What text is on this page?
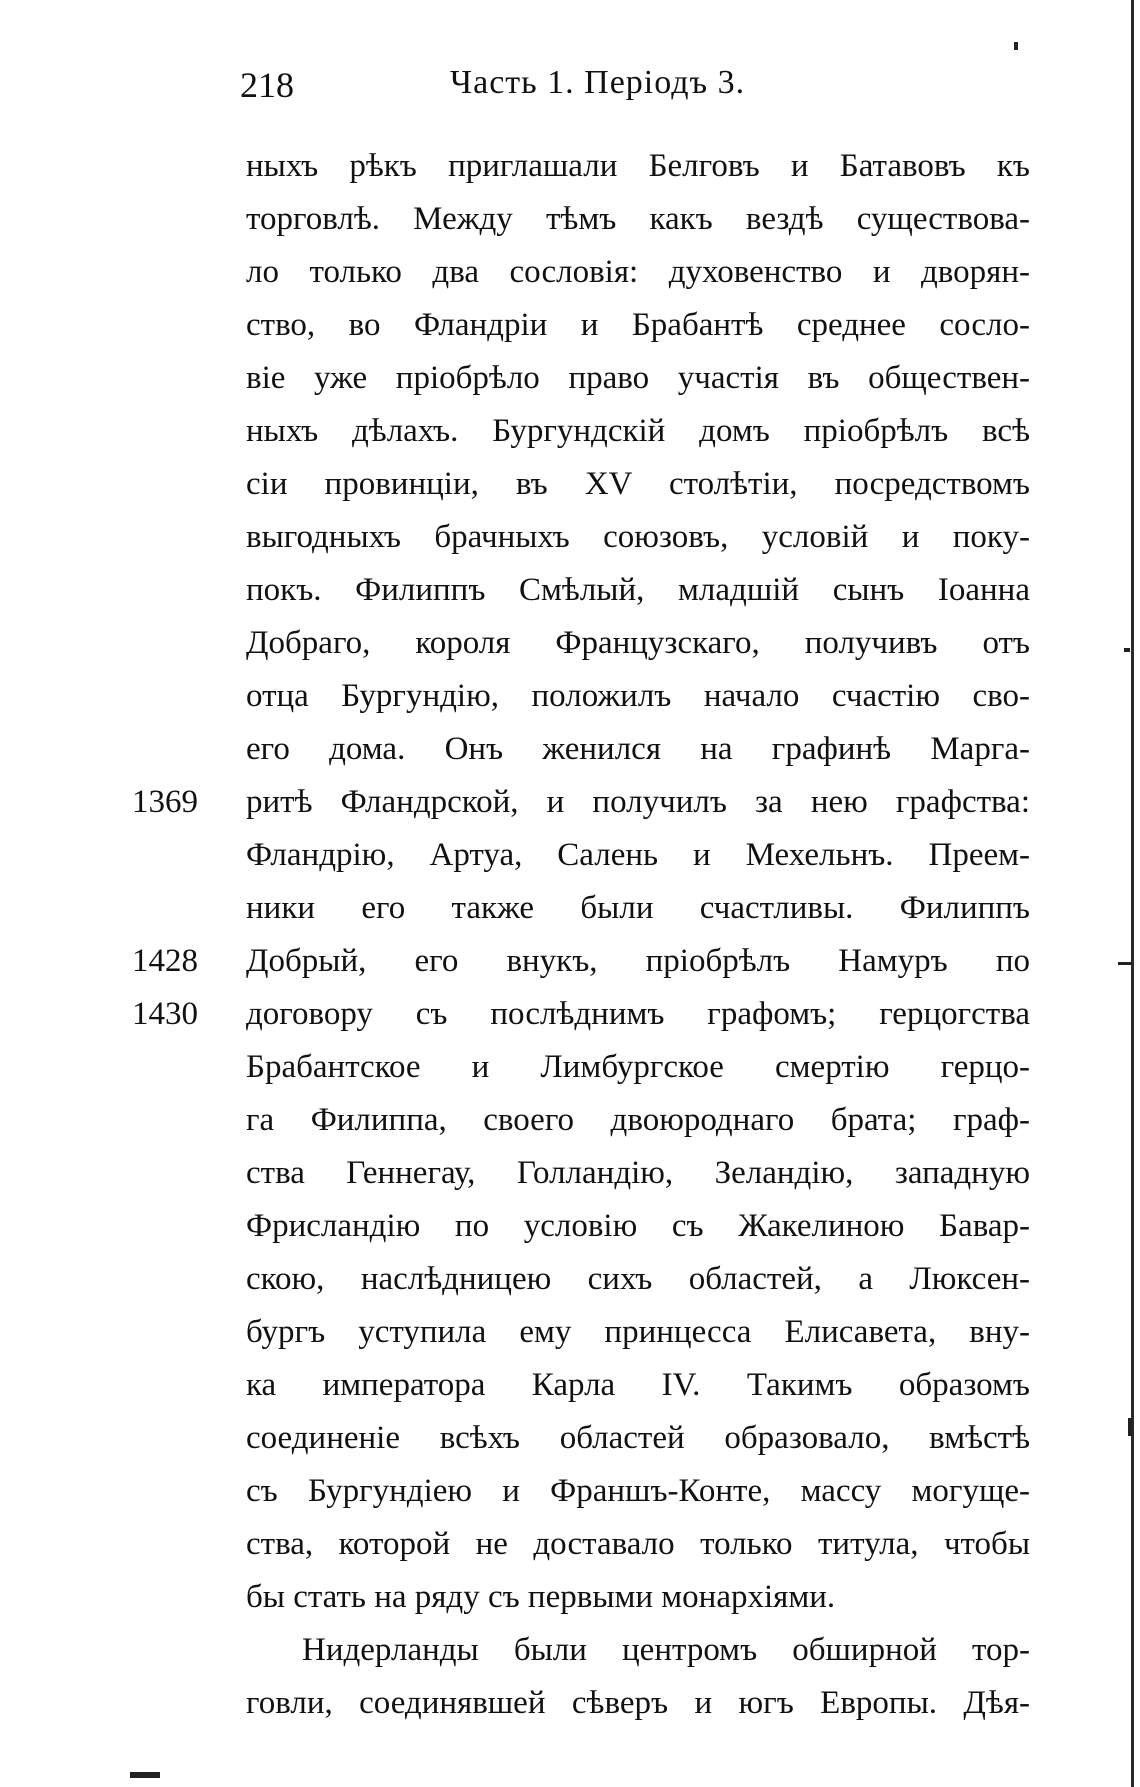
218	Часть 1. Періодъ 3.
ныхъ рѣкъ приглашали Белговъ и Батавовъ къ
торговлѣ. Между тѣмъ какъ вездѣ существова-
ло только два сословія: духовенство и дворян-
ство, во Фландріи и Брабантѣ среднее сосло-
віе уже пріобрѣло право участія въ обществен-
ныхъ дѣлахъ. Бургундскій домъ пріобрѣлъ всѣ
сіи провинціи, въ XV столѣтіи, посредствомъ
выгодныхъ брачныхъ союзовъ, условій и поку-
покъ. Филиппъ Смѣлый, младшій сынъ Іоанна
Добраго, короля Французскаго, получивъ отъ
отца Бургундію, положилъ начало счастію сво-
его дома. Онъ женился на графинѣ Марга-
ритѣ Фландрской, и получилъ за нею графства:
Фландрію, Артуа, Салень и Мехельнъ. Преем-
ники его также были счастливы. Филиппъ
Добрый, его внукъ, пріобрѣлъ Намуръ по
договору съ послѣднимъ графомъ; герцогства
Брабантское и Лимбургское смертію герцо-
га Филиппа, своего двоюроднаго брата; граф-
ства Геннегау, Голландію, Зеландію, западную
Фрисландію по условію съ Жакелиною Бавар-
скою, наслѣдницею сихъ областей, а Люксен-
бургъ уступила ему принцесса Елисавета, вну-
ка императора Карла IV. Такимъ образомъ
соединеніе всѣхъ областей образовало, вмѣстѣ
съ Бургундіею и Франшъ-Конте, массу могуще-
ства, которой не доставало только титула, чтобы
бы стать на ряду съ первыми монархіями.
Нидерланды были центромъ обширной тор-
говли, соединявшей сѣверъ и югъ Европы. Дѣя-
1369
1428
1430
